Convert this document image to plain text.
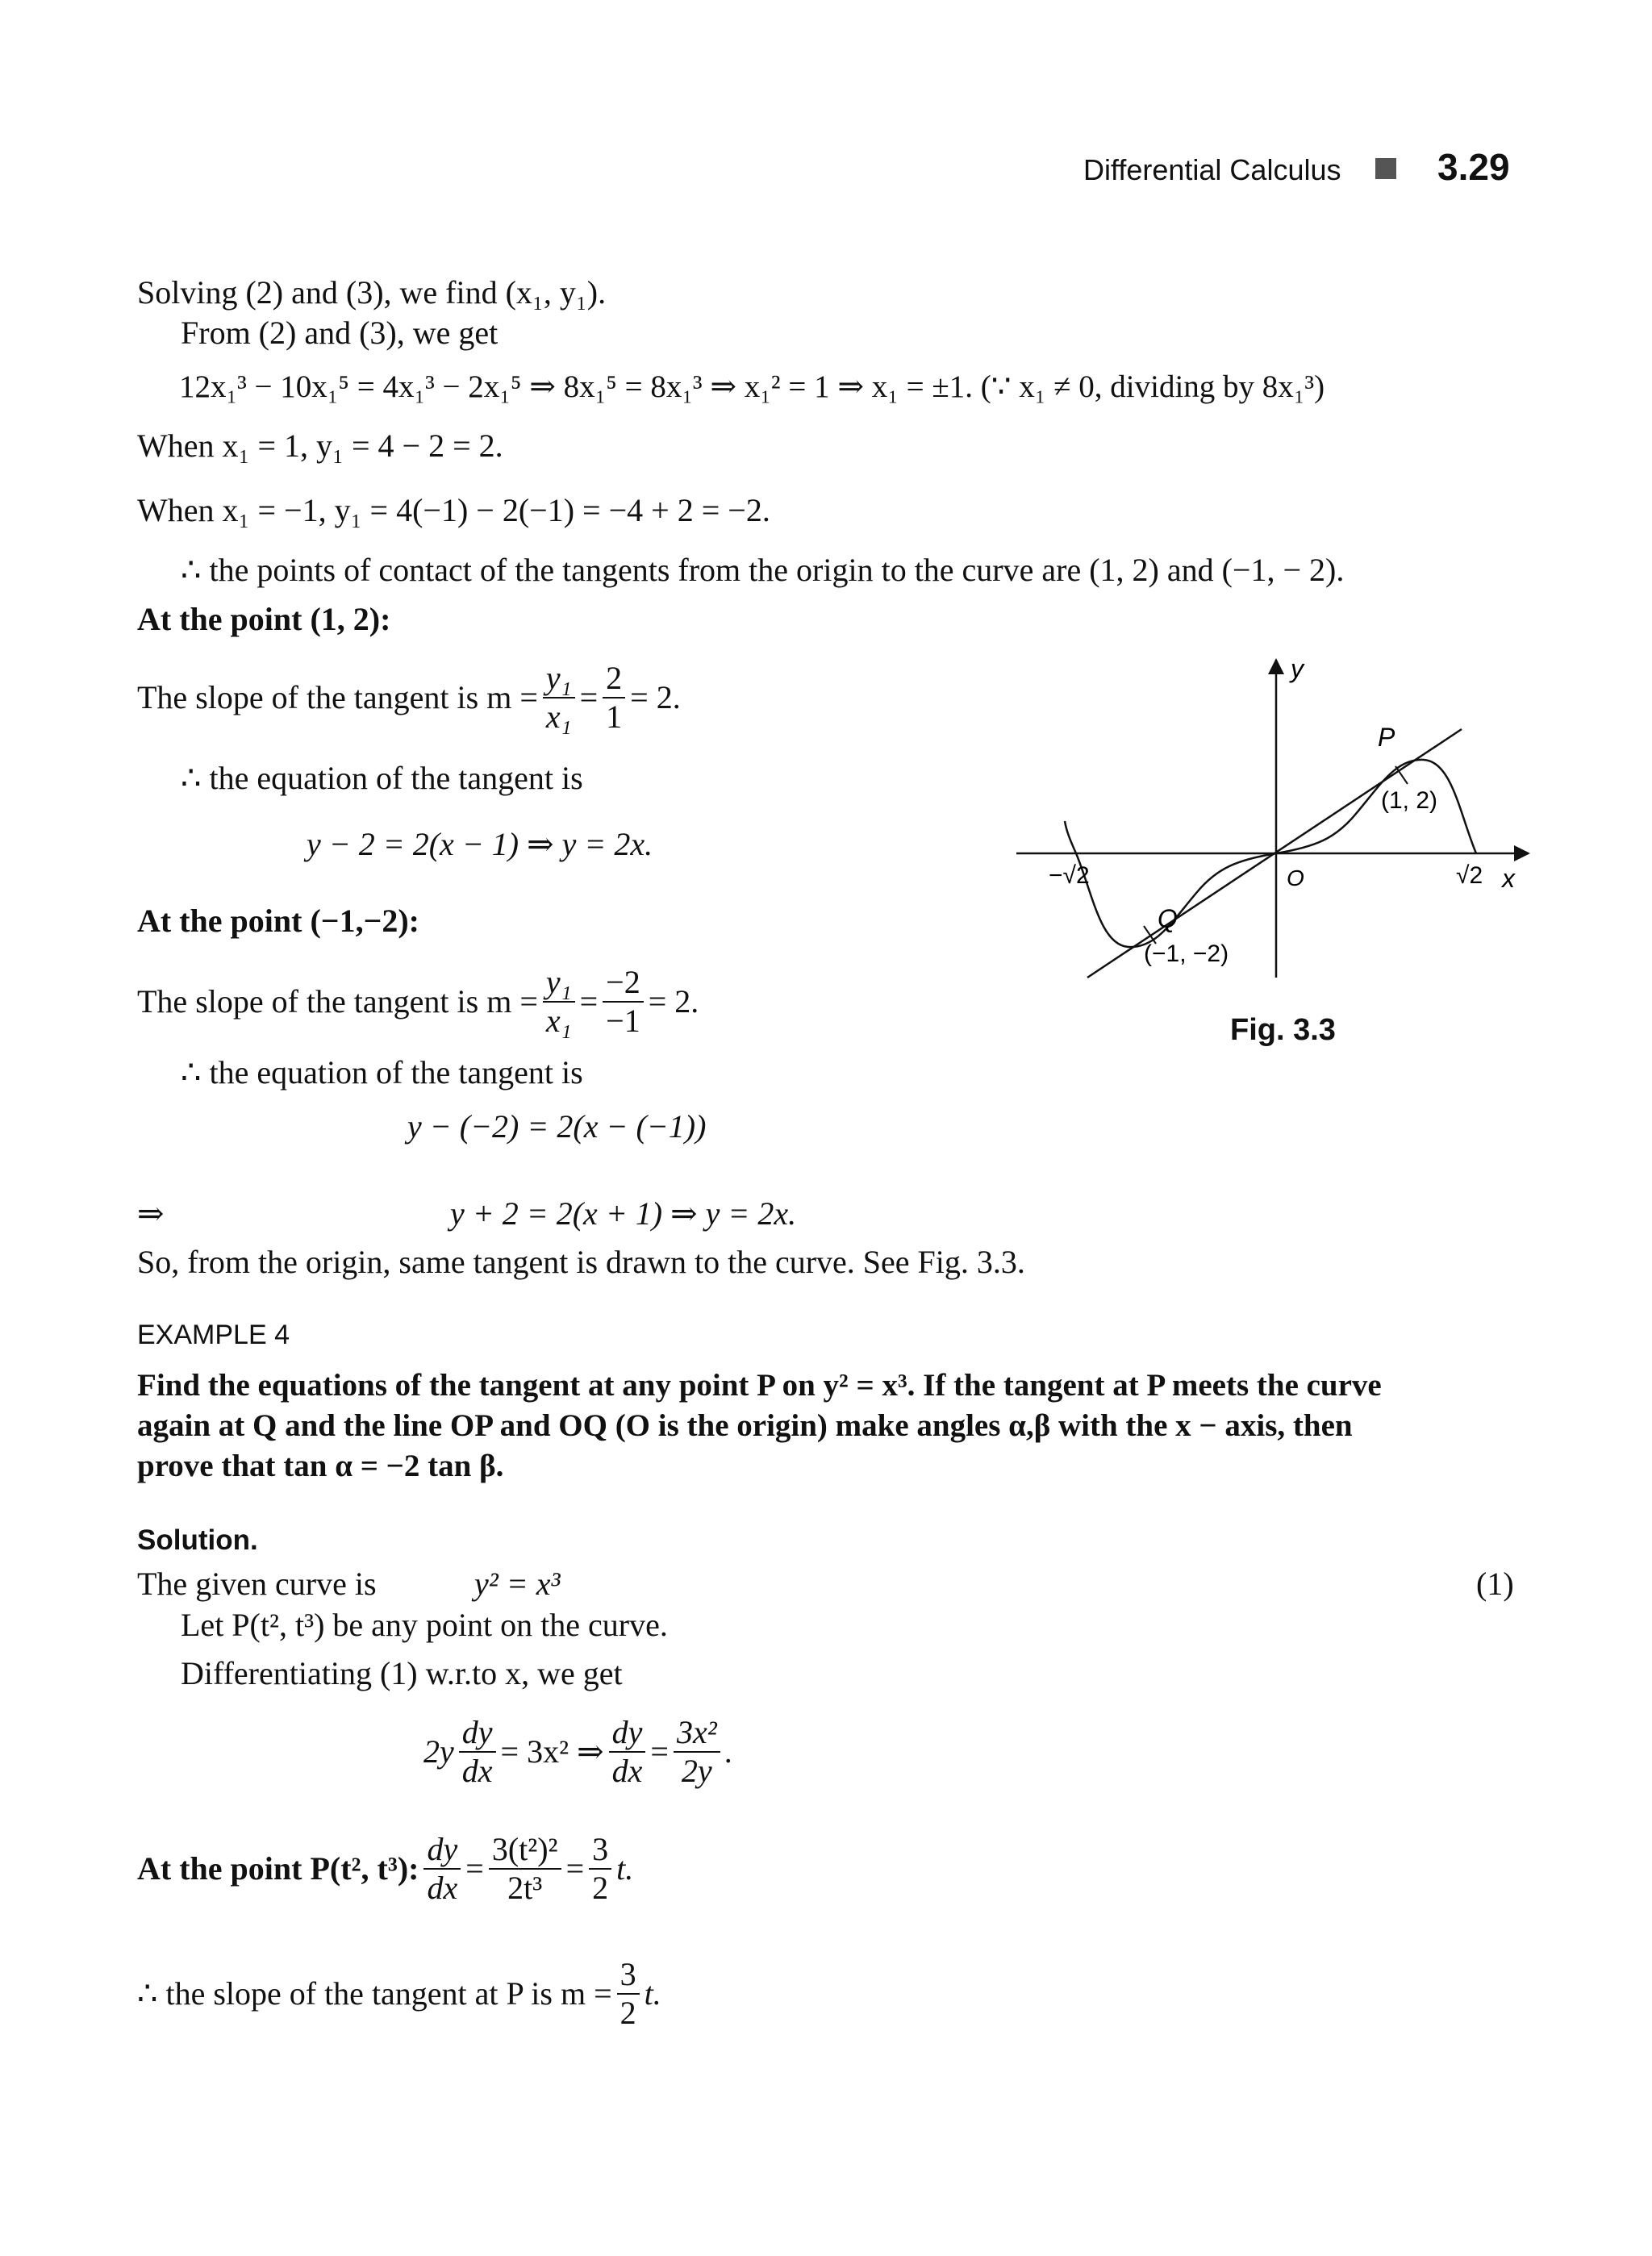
Differential Calculus	3.29
Solving (2) and (3), we find (x₁, y₁).
From (2) and (3), we get
12x₁³ − 10x₁⁵ = 4x₁³ − 2x₁⁵ ⇒ 8x₁⁵ = 8x₁³ ⇒ x₁² = 1 ⇒ x₁ = ±1. (∵ x₁ ≠ 0, dividing by 8x₁³)
When x₁ = 1, y₁ = 4 − 2 = 2.
When x₁ = −1, y₁ = 4(−1) − 2(−1) = −4 + 2 = −2.
∴ the points of contact of the tangents from the origin to the curve are (1, 2) and (−1, − 2).
At the point (1, 2):
The slope of the tangent is $m = \frac{\text{y₁}}{\text{x₁}} = \frac{2}{1} = 2$.
∴ the equation of the tangent is
y − 2 = 2(x − 1) ⇒ y = 2x.
At the point (−1,−2):
The slope of the tangent is $m = \frac{\text{y₁}}{\text{x₁}} = \frac{-2}{-1} = 2$.
∴ the equation of the tangent is
y − (−2) = 2(x − (−1))
⇒	y + 2 = 2(x + 1) ⇒ y = 2x.
So, from the origin, same tangent is drawn to the curve. See Fig. 3.3.
EXAMPLE 4
Find the equations of the tangent at any point P on y² = x³. If the tangent at P meets the curve
again at Q and the line OP and OQ (O is the origin) make angles α,β with the x − axis, then
prove that tan α = −2 tan β.
Solution.
The given curve is	y² = x³	(1)
Let P(t², t³) be any point on the curve.
Differentiating (1) w.r.to x, we get
$2y \frac{dy}{dx} = 3x^2$ ⇒ $\frac{dy}{dx} = \frac{\text{3x²}}{2y}$ .
At the point P(t², t³): $\frac{dy}{dx} = \frac{\text{3(t²)²}}{\text{2t³}} = \frac{3}{2} t$.
∴ the slope of the tangent at P is $m = \frac{3}{2} t$.
y
x
O
−√2	√2
P
(1, 2)
Q
(−1, −2)
Fig. 3.3
